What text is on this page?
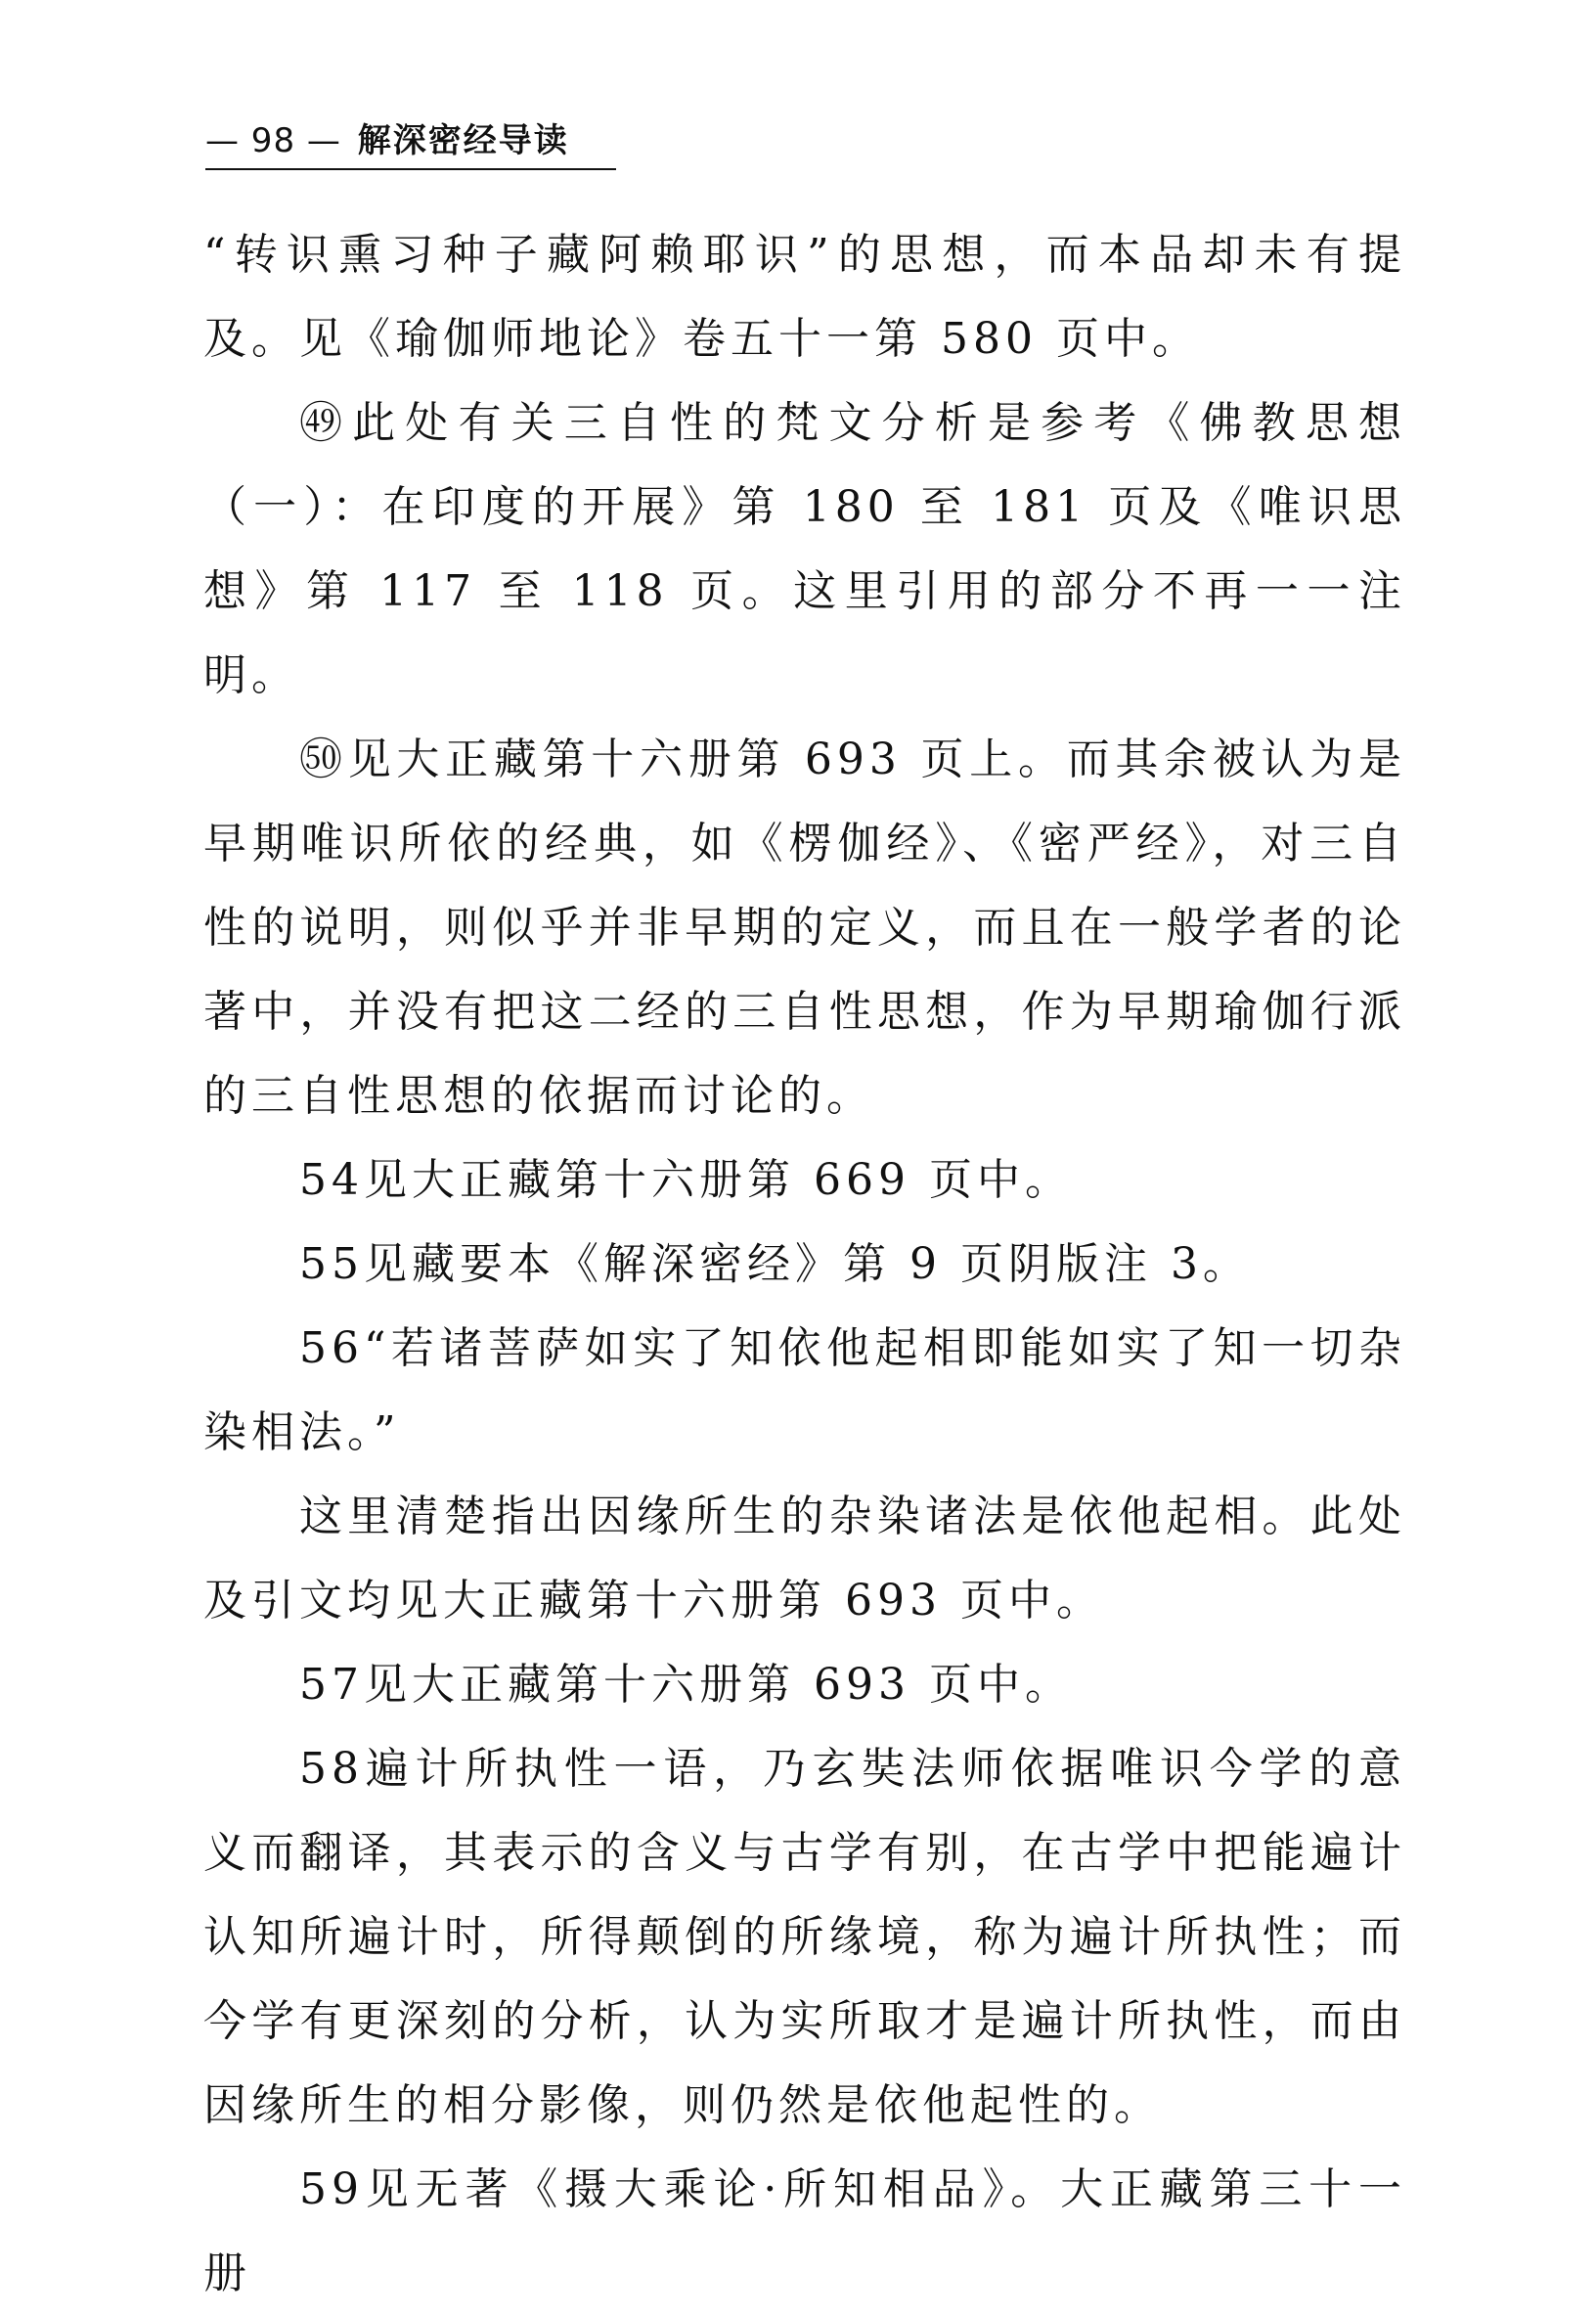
— 98 — 解深密经导读

“转识熏习种子藏阿赖耶识”的思想，而本品却未有提及。见《瑜伽师地论》卷五十一第 580 页中。

㊾此处有关三自性的梵文分析是参考《佛教思想（一）：在印度的开展》第 180 至 181 页及《唯识思想》第 117 至 118 页。这里引用的部分不再一一注明。

㊿见大正藏第十六册第 693 页上。而其余被认为是早期唯识所依的经典，如《楞伽经》、《密严经》，对三自性的说明，则似乎并非早期的定义，而且在一般学者的论著中，并没有把这二经的三自性思想，作为早期瑜伽行派的三自性思想的依据而讨论的。

54见大正藏第十六册第 669 页中。

55见藏要本《解深密经》第 9 页阴版注 3。

56“若诸菩萨如实了知依他起相即能如实了知一切杂染相法。”

这里清楚指出因缘所生的杂染诸法是依他起相。此处及引文均见大正藏第十六册第 693 页中。

57见大正藏第十六册第 693 页中。

58遍计所执性一语，乃玄奘法师依据唯识今学的意义而翻译，其表示的含义与古学有别，在古学中把能遍计认知所遍计时，所得颠倒的所缘境，称为遍计所执性；而今学有更深刻的分析，认为实所取才是遍计所执性，而由因缘所生的相分影像，则仍然是依他起性的。

59见无著《摄大乘论·所知相品》。大正藏第三十一册
